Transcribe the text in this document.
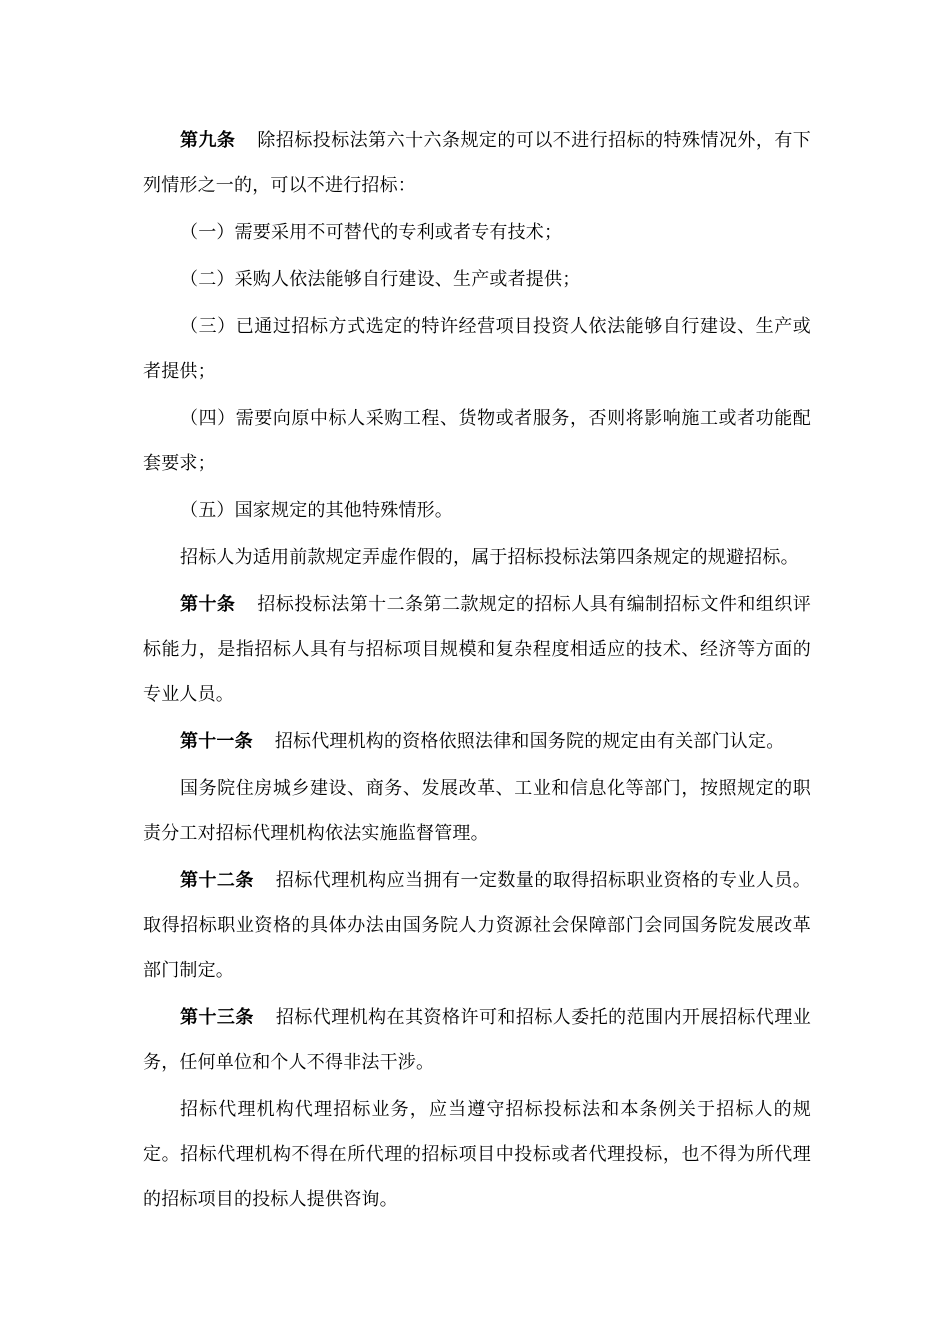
第九条 除招标投标法第六十六条规定的可以不进行招标的特殊情况外，有下列情形之一的，可以不进行招标：

（一）需要采用不可替代的专利或者专有技术；

（二）采购人依法能够自行建设、生产或者提供；

（三）已通过招标方式选定的特许经营项目投资人依法能够自行建设、生产或者提供；

（四）需要向原中标人采购工程、货物或者服务，否则将影响施工或者功能配套要求；

（五）国家规定的其他特殊情形。

招标人为适用前款规定弄虚作假的，属于招标投标法第四条规定的规避招标。

第十条 招标投标法第十二条第二款规定的招标人具有编制招标文件和组织评标能力，是指招标人具有与招标项目规模和复杂程度相适应的技术、经济等方面的专业人员。

第十一条 招标代理机构的资格依照法律和国务院的规定由有关部门认定。

国务院住房城乡建设、商务、发展改革、工业和信息化等部门，按照规定的职责分工对招标代理机构依法实施监督管理。

第十二条 招标代理机构应当拥有一定数量的取得招标职业资格的专业人员。取得招标职业资格的具体办法由国务院人力资源社会保障部门会同国务院发展改革部门制定。

第十三条 招标代理机构在其资格许可和招标人委托的范围内开展招标代理业务，任何单位和个人不得非法干涉。

招标代理机构代理招标业务，应当遵守招标投标法和本条例关于招标人的规定。招标代理机构不得在所代理的招标项目中投标或者代理投标，也不得为所代理的招标项目的投标人提供咨询。
